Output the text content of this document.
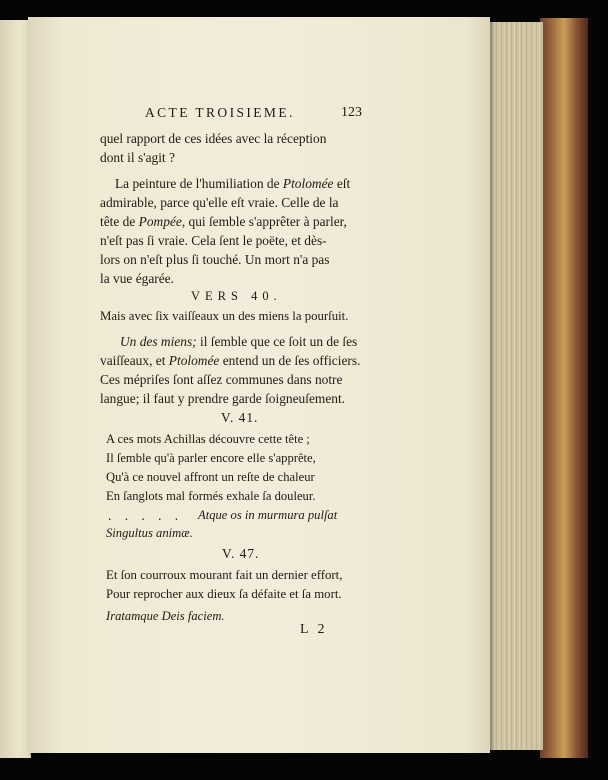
ACTE TROISIEME.	123
quel rapport de ces idées avec la réception
dont il s'agit ?
La peinture de l'humiliation de Ptolomée eſt
admirable, parce qu'elle eſt vraie. Celle de la
tête de Pompée, qui ſemble s'apprêter à parler,
n'eſt pas ſi vraie. Cela ſent le poëte, et dès-
lors on n'eſt plus ſi touché. Un mort n'a pas
la vue égarée.
VERS 40.
Mais avec ſix vaiſſeaux un des miens la pourſuit.
Un des miens; il ſemble que ce ſoit un de ſes
vaiſſeaux, et Ptolomée entend un de ſes officiers.
Ces mépriſes ſont aſſez communes dans notre
langue; il faut y prendre garde ſoigneuſement.
V. 41.
A ces mots Achillas découvre cette tête ;
Il ſemble qu'à parler encore elle s'apprête,
Qu'à ce nouvel affront un reſte de chaleur
En ſanglots mal formés exhale ſa douleur.
. . . . . Atque os in murmura pulſat
Singultus animæ.
V. 47.
Et ſon courroux mourant fait un dernier effort,
Pour reprocher aux dieux ſa défaite et ſa mort.
Iratamque Deis faciem.
L 2
